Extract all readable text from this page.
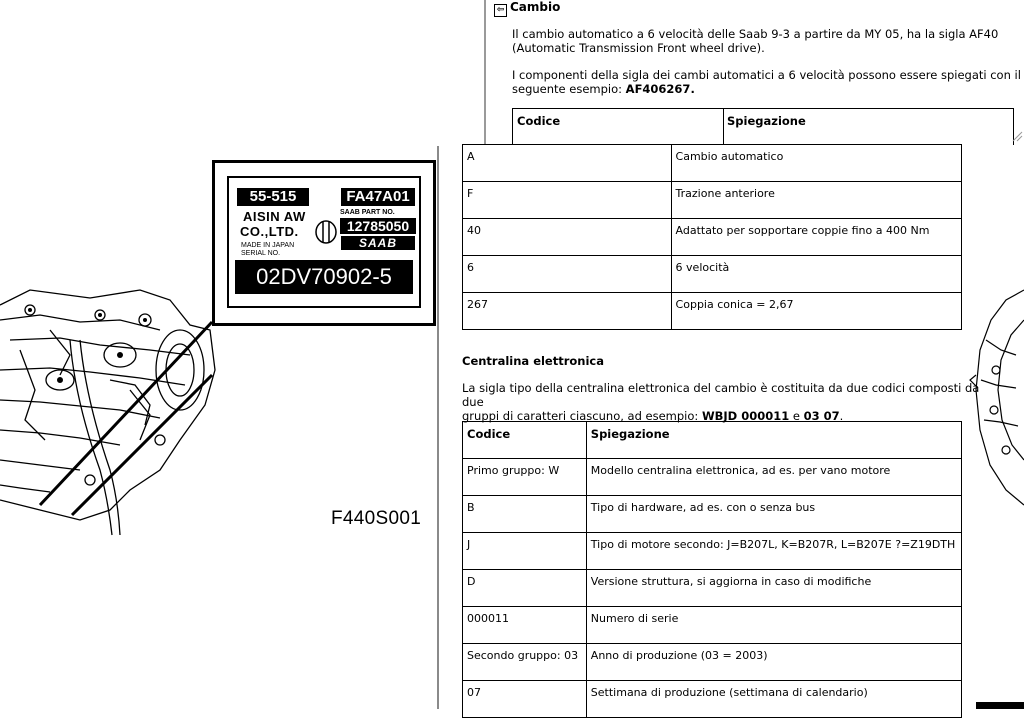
55-515	FA47A01
AISIN AW
CO.,LTD.
SAAB PART NO.
12785050
SAAB
MADE IN JAPAN
SERIAL NO.
02DV70902-5
F440S001
⇦ Cambio
Il cambio automatico a 6 velocità delle Saab 9-3 a partire da MY 05, ha la sigla AF40
(Automatic Transmission Front wheel drive).
I componenti della sigla dei cambi automatici a 6 velocità possono essere spiegati con il
seguente esempio: AF406267.
Codice	Spiegazione
A	Cambio automatico
F	Trazione anteriore
40	Adattato per sopportare coppie fino a 400 Nm
6	6 velocità
267	Coppia conica = 2,67
Centralina elettronica
La sigla tipo della centralina elettronica del cambio è costituita da due codici composti da due
gruppi di caratteri ciascuno, ad esempio: WBJD 000011 e 03 07.
Codice	Spiegazione
Primo gruppo: W	Modello centralina elettronica, ad es. per vano motore
B	Tipo di hardware, ad es. con o senza bus
J	Tipo di motore secondo: J=B207L, K=B207R, L=B207E ?=Z19DTH
D	Versione struttura, si aggiorna in caso di modifiche
000011	Numero di serie
Secondo gruppo: 03	Anno di produzione (03 = 2003)
07	Settimana di produzione (settimana di calendario)
